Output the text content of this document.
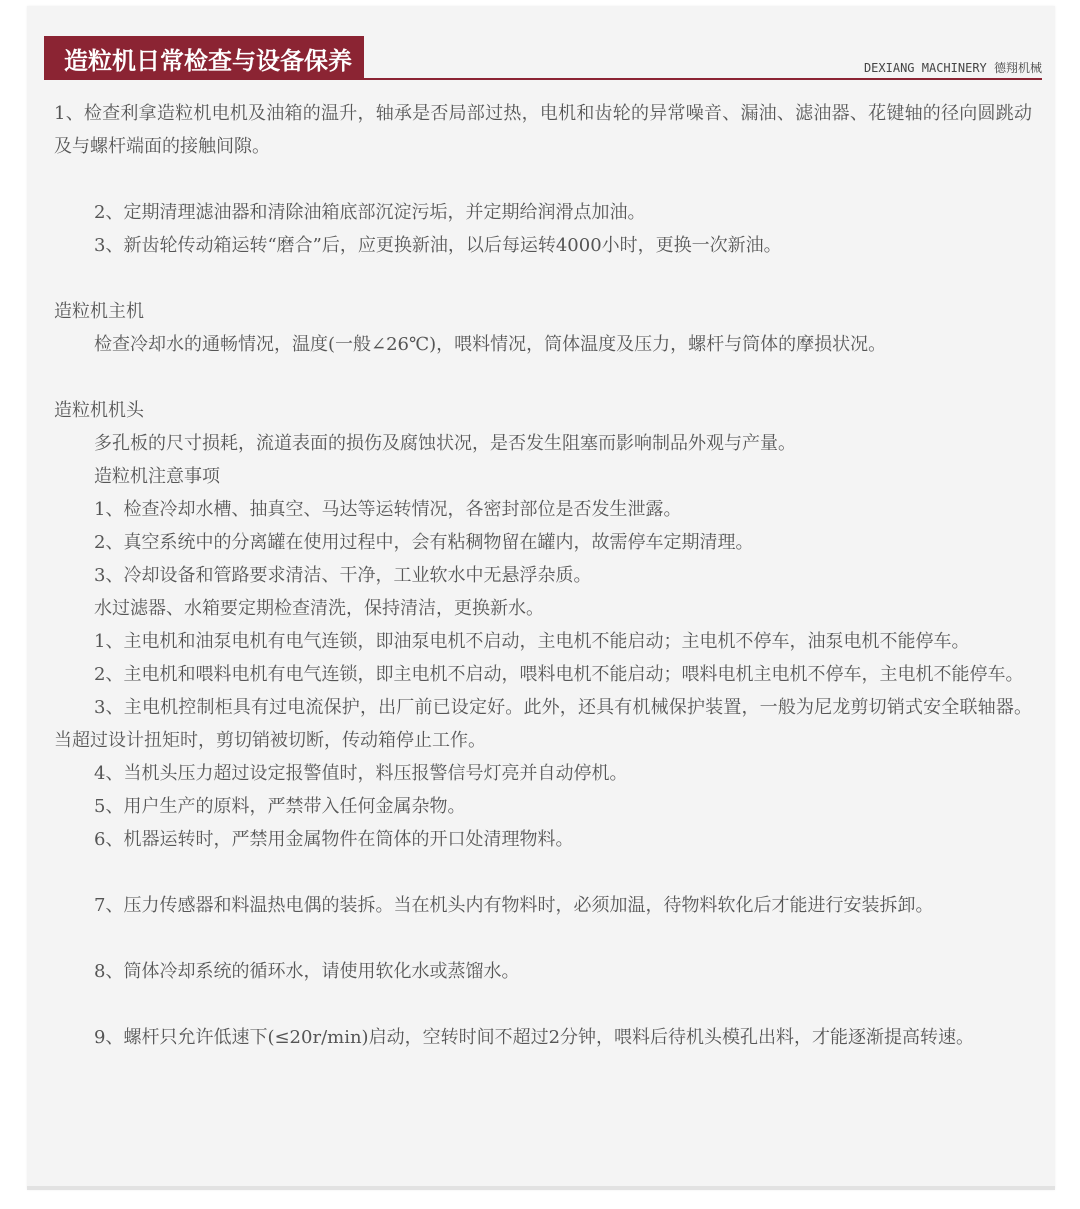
造粒机日常检查与设备保养	DEXIANG MACHINERY 德翔机械

1、检查利拿造粒机电机及油箱的温升，轴承是否局部过热，电机和齿轮的异常噪音、漏油、滤油器、花键轴的径向圆跳动及与螺杆端面的接触间隙。

2、定期清理滤油器和清除油箱底部沉淀污垢，并定期给润滑点加油。

3、新齿轮传动箱运转“磨合”后，应更换新油，以后每运转4000小时，更换一次新油。

造粒机主机

检查冷却水的通畅情况，温度(一般∠26℃)，喂料情况，筒体温度及压力，螺杆与筒体的摩损状况。

造粒机机头

多孔板的尺寸损耗，流道表面的损伤及腐蚀状况，是否发生阻塞而影响制品外观与产量。

造粒机注意事项

1、检查冷却水槽、抽真空、马达等运转情况，各密封部位是否发生泄露。

2、真空系统中的分离罐在使用过程中，会有粘稠物留在罐内，故需停车定期清理。

3、冷却设备和管路要求清洁、干净，工业软水中无悬浮杂质。

水过滤器、水箱要定期检查清洗，保持清洁，更换新水。

1、主电机和油泵电机有电气连锁，即油泵电机不启动，主电机不能启动；主电机不停车，油泵电机不能停车。

2、主电机和喂料电机有电气连锁，即主电机不启动，喂料电机不能启动；喂料电机主电机不停车，主电机不能停车。

3、主电机控制柜具有过电流保护，出厂前已设定好。此外，还具有机械保护装置，一般为尼龙剪切销式安全联轴器。当超过设计扭矩时，剪切销被切断，传动箱停止工作。

4、当机头压力超过设定报警值时，料压报警信号灯亮并自动停机。

5、用户生产的原料，严禁带入任何金属杂物。

6、机器运转时，严禁用金属物件在筒体的开口处清理物料。

7、压力传感器和料温热电偶的装拆。当在机头内有物料时，必须加温，待物料软化后才能进行安装拆卸。

8、筒体冷却系统的循环水，请使用软化水或蒸馏水。

9、螺杆只允许低速下(≤20r/min)启动，空转时间不超过2分钟，喂料后待机头模孔出料，才能逐渐提高转速。
